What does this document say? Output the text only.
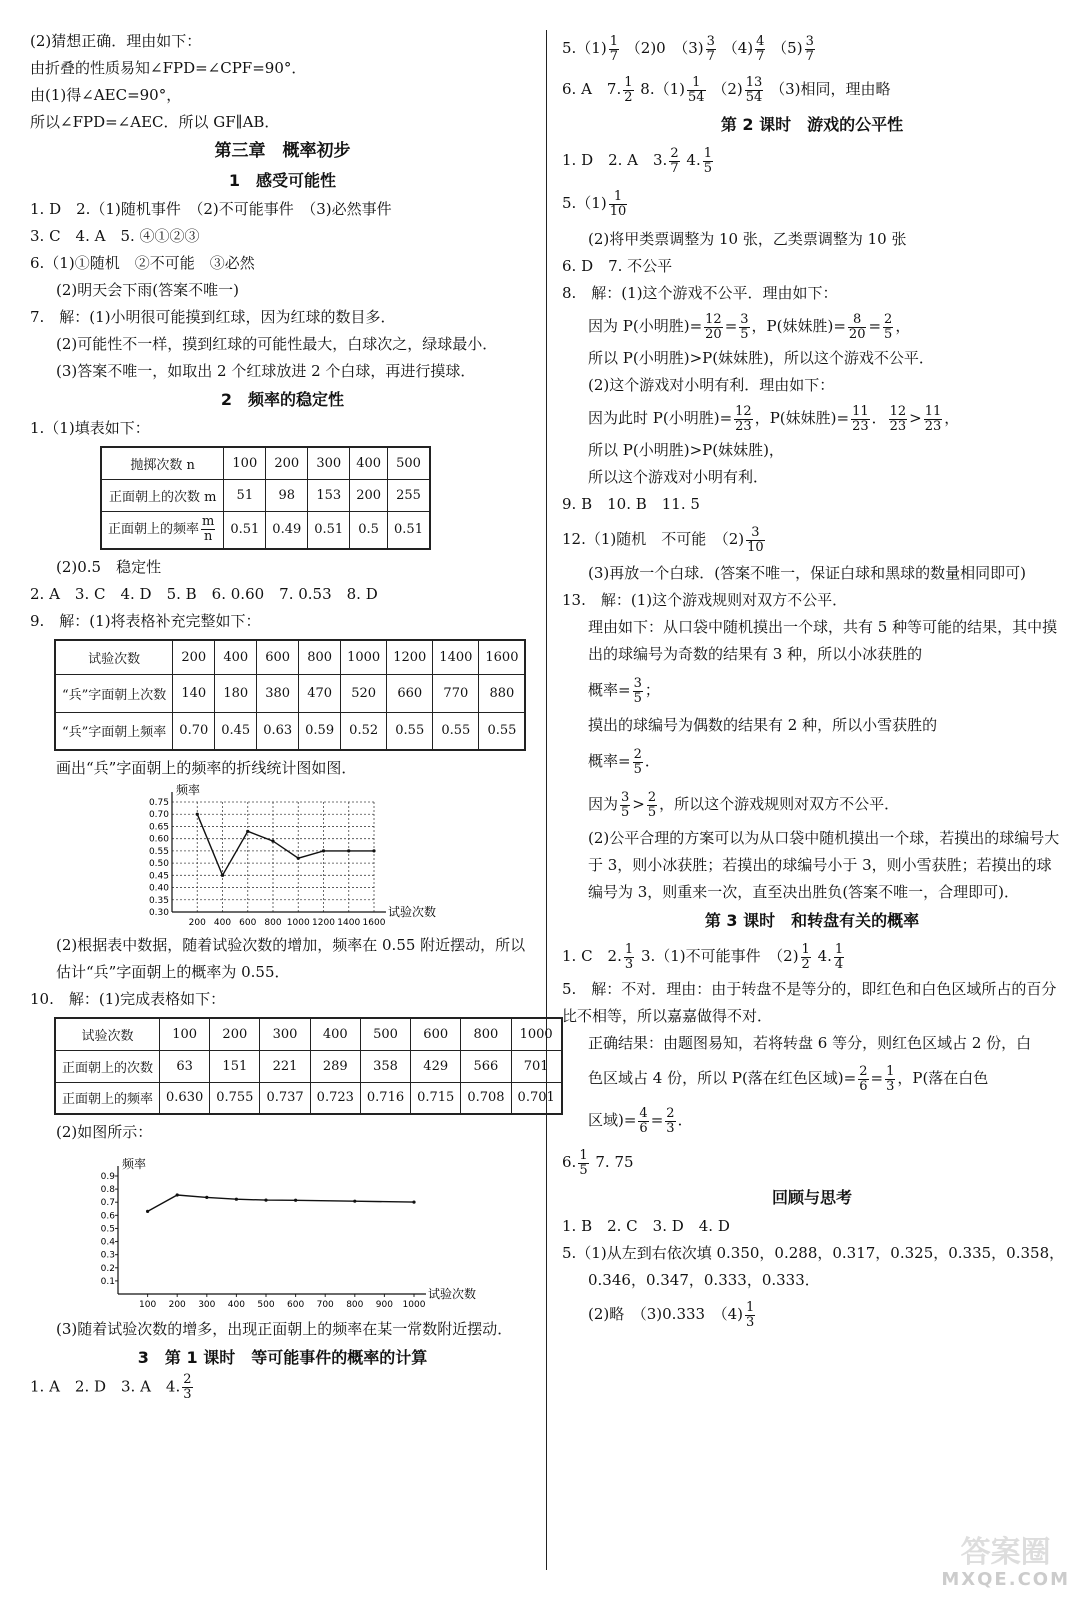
(2)猜想正确．理由如下：
由折叠的性质易知∠FPD=∠CPF=90°．
由(1)得∠AEC=90°，
所以∠FPD=∠AEC．所以 GF∥AB．
第三章　概率初步
1　感受可能性
1. D　2.（1)随机事件　（2)不可能事件　（3)必然事件
3. C　4. A　5. ④①②③
6.（1)①随机　②不可能　③必然
(2)明天会下雨(答案不唯一)
7.　解：(1)小明很可能摸到红球，因为红球的数目多．
(2)可能性不一样，摸到红球的可能性最大，白球次之，绿球最小．
(3)答案不唯一，如取出 2 个红球放进 2 个白球，再进行摸球．
2　频率的稳定性
1.（1)填表如下：
抛掷次数 n	100	200	300	400	500
正面朝上的次数 m	51	98	153	200	255
正面朝上的频率 $\frac{m}{n}$	0.51	0.49	0.51	0.5	0.51
(2)0.5　稳定性
2. A　3. C　4. D　5. B　6. 0.60　7. 0.53　8. D
9.　解：(1)将表格补充完整如下：
试验次数	200	400	600	800	1000	1200	1400	1600
“兵”字面朝上次数	140	180	380	470	520	660	770	880
“兵”字面朝上频率	0.70	0.45	0.63	0.59	0.52	0.55	0.55	0.55
画出“兵”字面朝上的频率的折线统计图如图．
0.30
0.35
0.40
0.45
0.50
0.55
0.60
0.65
0.70
0.75
200 400 600 800 1000 1200 1400 1600
试验次数
频率
(2)根据表中数据，随着试验次数的增加，频率在 0.55 附近摆动，所以估计“兵”字面朝上的概率为 0.55．
10.　解：(1)完成表格如下：
试验次数	100	200	300	400	500	600	800	1000
正面朝上的次数	63	151	221	289	358	429	566	701
正面朝上的频率	0.630	0.755	0.737	0.723	0.716	0.715	0.708	0.701
(2)如图所示：
0.1
0.2
0.3
0.4
0.5
0.6
0.7
0.8
0.9
100 200 300 400 500 600 700 800 900 1000
试验次数
频率
(3)随着试验次数的增多，出现正面朝上的频率在某一常数附近摆动．
3　第 1 课时　等可能事件的概率的计算
1. A　2. D　3. A　4. $\frac{2}{3}$
$5.(1) \frac{1}{7} (2)0$　$(3) \frac{3}{7} (4) \frac{4}{7} (5) \frac{3}{7}$
6. A　7. $\frac{1}{2} 8.(1) \frac{1}{54} (2) \frac{13}{54} (3)$相同，理由略
第 2 课时　游戏的公平性
1. D　2. A　3. $\frac{2}{7} 4$. $\frac{1}{5}$
$5.(1) \frac{1}{10}$
(2)将甲类票调整为 10 张，乙类票调整为 10 张
6. D　7. 不公平
8.　解：(1)这个游戏不公平．理由如下：
因为 P(小明胜)= $\frac{12}{20} = \frac{3}{5}$ ，P(妹妹胜)= $\frac{8}{20} = \frac{2}{5}$ ，
所以 P(小明胜)>P(妹妹胜)，所以这个游戏不公平．
(2)这个游戏对小明有利．理由如下：
因为此时 P(小明胜)= $\frac{12}{23}$ ，P(妹妹胜)= $\frac{11}{23}$ ． $\frac{12}{23} > \frac{11}{23}$ ，
所以 P(小明胜)>P(妹妹胜)，
所以这个游戏对小明有利．
9. B　10. B　11. 5
12.（1)随机　不可能　$(2) \frac{3}{10}$
(3)再放一个白球．(答案不唯一，保证白球和黑球的数量相同即可)
13.　解：(1)这个游戏规则对双方不公平．
理由如下：从口袋中随机摸出一个球，共有 5 种等可能的结果，其中摸出的球编号为奇数的结果有 3 种，所以小冰获胜的
概率= $\frac{3}{5}$ ；
摸出的球编号为偶数的结果有 2 种，所以小雪获胜的
概率= $\frac{2}{5}$ ．
因为 $\frac{3}{5} > \frac{2}{5}$ ，所以这个游戏规则对双方不公平．
(2)公平合理的方案可以为从口袋中随机摸出一个球，若摸出的球编号大于 3，则小冰获胜；若摸出的球编号小于 3，则小雪获胜；若摸出的球编号为 3，则重来一次，直至决出胜负(答案不唯一，合理即可)．
第 3 课时　和转盘有关的概率
1. C　2. $\frac{1}{3} 3.(1)$不可能事件　$(2) \frac{1}{2} 4$. $\frac{1}{4}$
5.　解：不对．理由：由于转盘不是等分的，即红色和白色区域所占的百分比不相等，所以嘉嘉做得不对．
正确结果：由题图易知，若将转盘 6 等分，则红色区域占 2 份，白
色区域占 4 份，所以 P(落在红色区域)= $\frac{2}{6} = \frac{1}{3}$ ，P(落在白色
区域)= $\frac{4}{6} = \frac{2}{3}$ ．
6. $\frac{1}{5} 7$. 75
回顾与思考
1. B　2. C　3. D　4. D
5.（1)从左到右依次填 0.350，0.288，0.317，0.325，0.335，0.358，
0.346，0.347，0.333，0.333．
(2)略　（3)0.333　$(4) \frac{1}{3}$
答案圈
MXQE.COM
